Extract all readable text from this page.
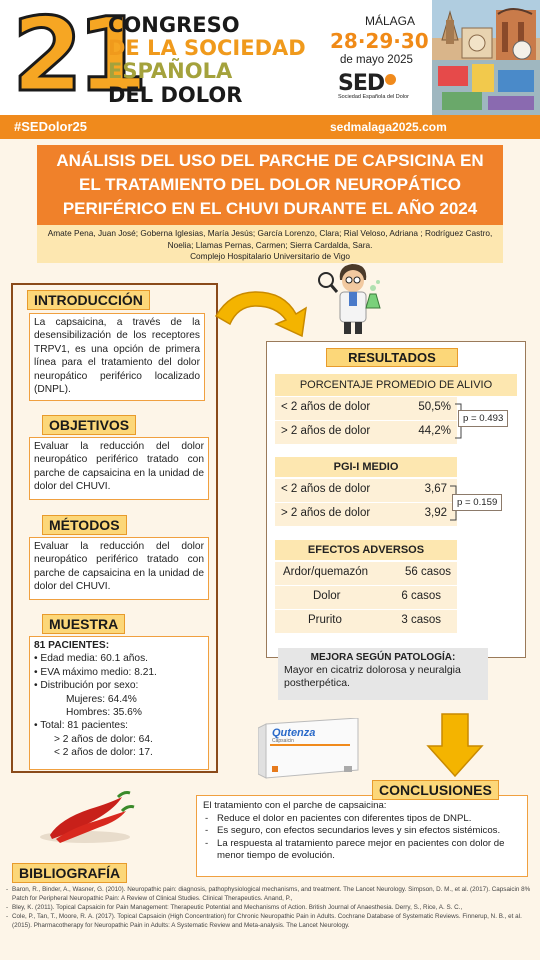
21
CONGRESO
DE LA SOCIEDAD
ESPAÑOLA
DEL DOLOR
MÁLAGA
28·29·30
de mayo 2025
SED
Sociedad Española del Dolor
#SEDolor25	sedmalaga2025.com
ANÁLISIS DEL USO DEL PARCHE DE CAPSICINA EN
EL TRATAMIENTO DEL DOLOR NEUROPÁTICO
PERIFÉRICO EN EL CHUVI DURANTE EL AÑO 2024
Amate Pena, Juan José; Goberna Iglesias, María Jesús; García Lorenzo, Clara; Rial Veloso, Adriana ; Rodríguez Castro,
Noelia; Llamas Pernas, Carmen; Sierra Cardalda, Sara.
Complejo Hospitalario Universitario de Vigo
INTRODUCCIÓN
La capsaicina, a través de la desensibilización de los receptores TRPV1, es una opción de primera línea para el tratamiento del dolor neuropático periférico localizado (DNPL).
OBJETIVOS
Evaluar la reducción del dolor neuropático periférico tratado con parche de capsaicina en la unidad de dolor del CHUVI.
MÉTODOS
Evaluar la reducción del dolor neuropático periférico tratado con parche de capsaicina en la unidad de dolor del CHUVI.
MUESTRA
81 PACIENTES:
• Edad media: 60.1 años.
• EVA máximo medio: 8.21.
• Distribución por sexo:
Mujeres: 64.4%
Hombres: 35.6%
• Total: 81 pacientes:
> 2 años de dolor: 64.
< 2 años de dolor: 17.
RESULTADOS
PORCENTAJE PROMEDIO DE ALIVIO
< 2 años de dolor	50,5%
> 2 años de dolor	44,2%
p = 0.493
PGI-I MEDIO
< 2 años de dolor	3,67
> 2 años de dolor	3,92
p = 0.159
EFECTOS ADVERSOS
Ardor/quemazón	56 casos
Dolor	6 casos
Prurito	3 casos
MEJORA SEGÚN PATOLOGÍA:
Mayor en cicatriz dolorosa y neuralgia postherpética.
Qutenza
Capsaicin
El tratamiento con el parche de capsaicina:
- Reduce el dolor en pacientes con diferentes tipos de DNPL.
- Es seguro, con efectos secundarios leves y sin efectos sistémicos.
- La respuesta al tratamiento parece mejor en pacientes con dolor de menor tiempo de evolución.
CONCLUSIONES
BIBLIOGRAFÍA
- Baron, R., Binder, A., Wasner, G. (2010). Neuropathic pain: diagnosis, pathophysiological mechanisms, and treatment. The Lancet Neurology. Simpson, D. M., et al. (2017). Capsaicin 8% Patch for Peripheral Neuropathic Pain: A Review of Clinical Studies. Clinical Therapeutics. Anand, P.,
- Bley, K. (2011). Topical Capsaicin for Pain Management: Therapeutic Potential and Mechanisms of Action. British Journal of Anaesthesia. Derry, S., Rice, A. S. C.,
- Cole, P., Tan, T., Moore, R. A. (2017). Topical Capsaicin (High Concentration) for Chronic Neuropathic Pain in Adults. Cochrane Database of Systematic Reviews. Finnerup, N. B., et al. (2015). Pharmacotherapy for Neuropathic Pain in Adults: A Systematic Review and Meta-analysis. The Lancet Neurology.
